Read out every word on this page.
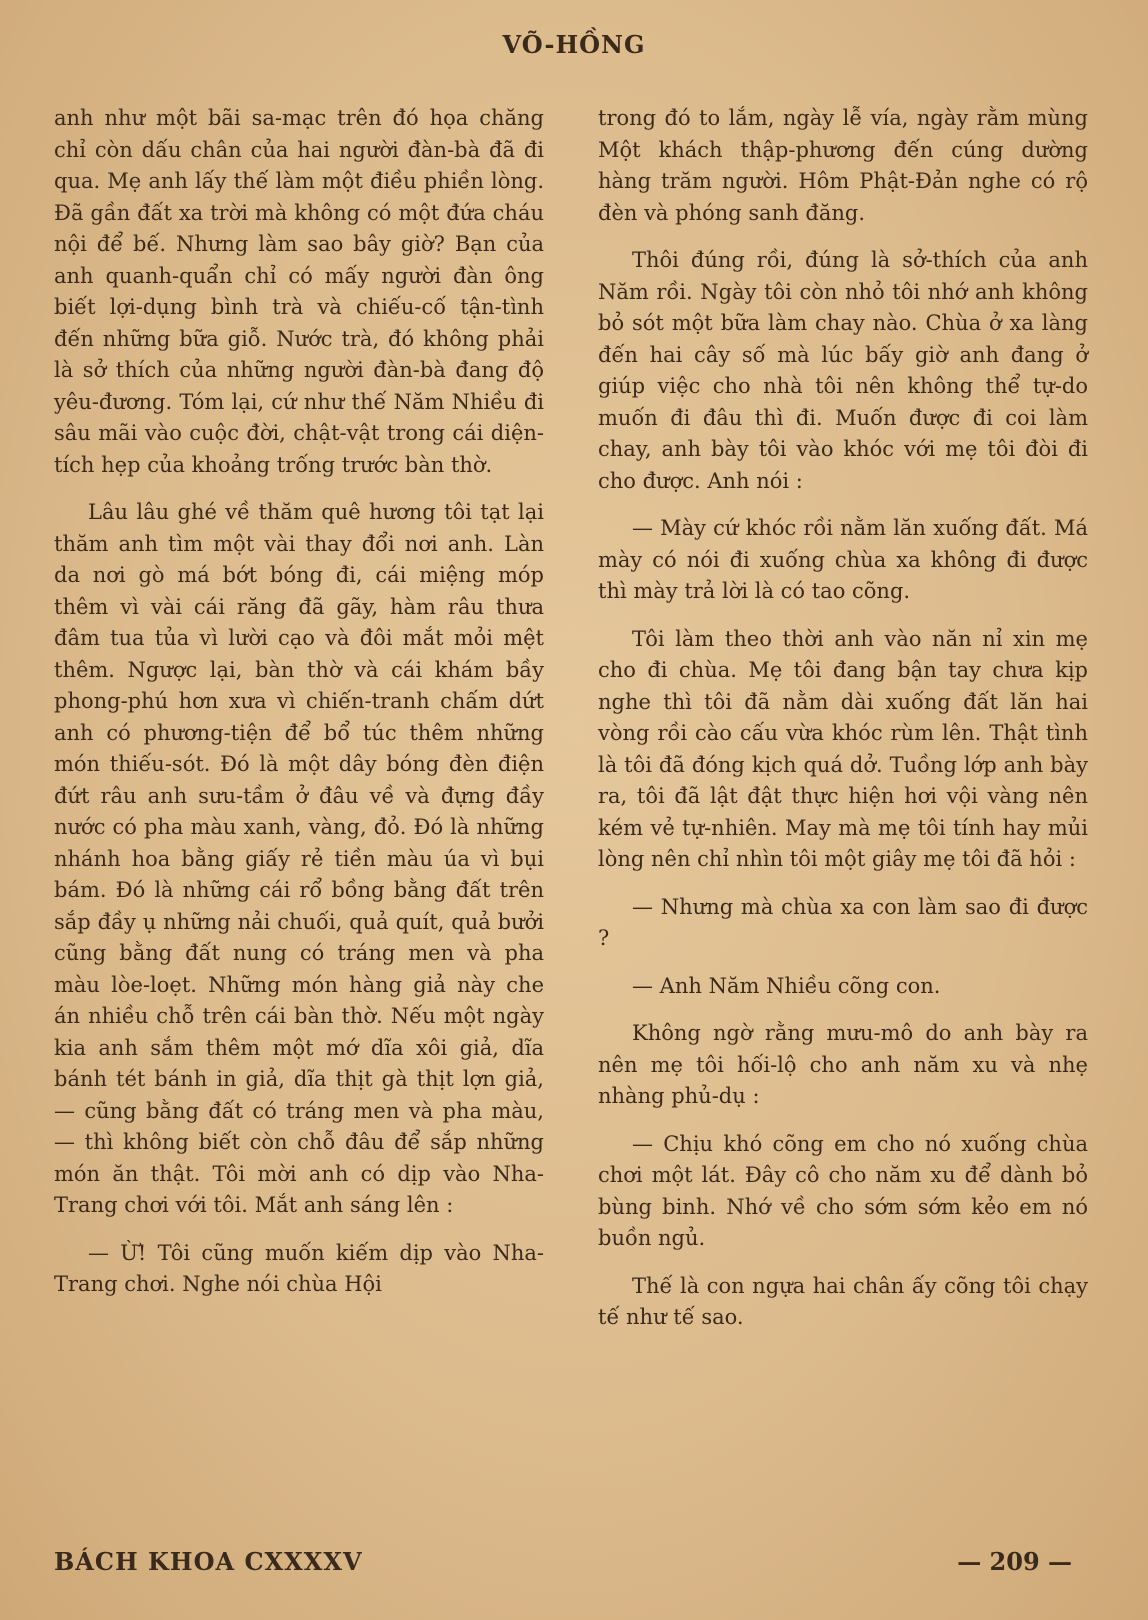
VÕ-HỒNG

anh như một bãi sa-mạc trên đó họa chăng chỉ còn dấu chân của hai người đàn-bà đã đi qua. Mẹ anh lấy thế làm một điều phiền lòng. Đã gần đất xa trời mà không có một đứa cháu nội để bế. Nhưng làm sao bây giờ? Bạn của anh quanh-quẩn chỉ có mấy người đàn ông biết lợi-dụng bình trà và chiếu-cố tận-tình đến những bữa giỗ. Nước trà, đó không phải là sở thích của những người đàn-bà đang độ yêu-đương. Tóm lại, cứ như thế Năm Nhiều đi sâu mãi vào cuộc đời, chật-vật trong cái diện-tích hẹp của khoảng trống trước bàn thờ.

Lâu lâu ghé về thăm quê hương tôi tạt lại thăm anh tìm một vài thay đổi nơi anh. Làn da nơi gò má bớt bóng đi, cái miệng móp thêm vì vài cái răng đã gãy, hàm râu thưa đâm tua tủa vì lười cạo và đôi mắt mỏi mệt thêm. Ngược lại, bàn thờ và cái khám bầy phong-phú hơn xưa vì chiến-tranh chấm dứt anh có phương-tiện để bổ túc thêm những món thiếu-sót. Đó là một dây bóng đèn điện đứt râu anh sưu-tầm ở đâu về và đựng đầy nước có pha màu xanh, vàng, đỏ. Đó là những nhánh hoa bằng giấy rẻ tiền màu úa vì bụi bám. Đó là những cái rổ bồng bằng đất trên sắp đầy ụ những nải chuối, quả quít, quả bưởi cũng bằng đất nung có tráng men và pha màu lòe-loẹt. Những món hàng giả này che án nhiều chỗ trên cái bàn thờ. Nếu một ngày kia anh sắm thêm một mớ dĩa xôi giả, dĩa bánh tét bánh in giả, dĩa thịt gà thịt lợn giả, — cũng bằng đất có tráng men và pha màu, — thì không biết còn chỗ đâu để sắp những món ăn thật. Tôi mời anh có dịp vào Nha-Trang chơi với tôi. Mắt anh sáng lên :

— Ừ! Tôi cũng muốn kiếm dịp vào Nha-Trang chơi. Nghe nói chùa Hội

trong đó to lắm, ngày lễ vía, ngày rằm mùng Một khách thập-phương đến cúng dường hàng trăm người. Hôm Phật-Đản nghe có rộ đèn và phóng sanh đăng.

Thôi đúng rồi, đúng là sở-thích của anh Năm rồi. Ngày tôi còn nhỏ tôi nhớ anh không bỏ sót một bữa làm chay nào. Chùa ở xa làng đến hai cây số mà lúc bấy giờ anh đang ở giúp việc cho nhà tôi nên không thể tự-do muốn đi đâu thì đi. Muốn được đi coi làm chay, anh bày tôi vào khóc với mẹ tôi đòi đi cho được. Anh nói :

— Mày cứ khóc rồi nằm lăn xuống đất. Má mày có nói đi xuống chùa xa không đi được thì mày trả lời là có tao cõng.

Tôi làm theo thời anh vào năn nỉ xin mẹ cho đi chùa. Mẹ tôi đang bận tay chưa kịp nghe thì tôi đã nằm dài xuống đất lăn hai vòng rồi cào cấu vừa khóc rùm lên. Thật tình là tôi đã đóng kịch quá dở. Tuồng lớp anh bày ra, tôi đã lật đật thực hiện hơi vội vàng nên kém vẻ tự-nhiên. May mà mẹ tôi tính hay mủi lòng nên chỉ nhìn tôi một giây mẹ tôi đã hỏi :

— Nhưng mà chùa xa con làm sao đi được ?

— Anh Năm Nhiều cõng con.

Không ngờ rằng mưu-mô do anh bày ra nên mẹ tôi hối-lộ cho anh năm xu và nhẹ nhàng phủ-dụ :

— Chịu khó cõng em cho nó xuống chùa chơi một lát. Đây cô cho năm xu để dành bỏ bùng binh. Nhớ về cho sớm sớm kẻo em nó buồn ngủ.

Thế là con ngựa hai chân ấy cõng tôi chạy tế như tế sao.

BÁCH KHOA CXXXXV	— 209 —
